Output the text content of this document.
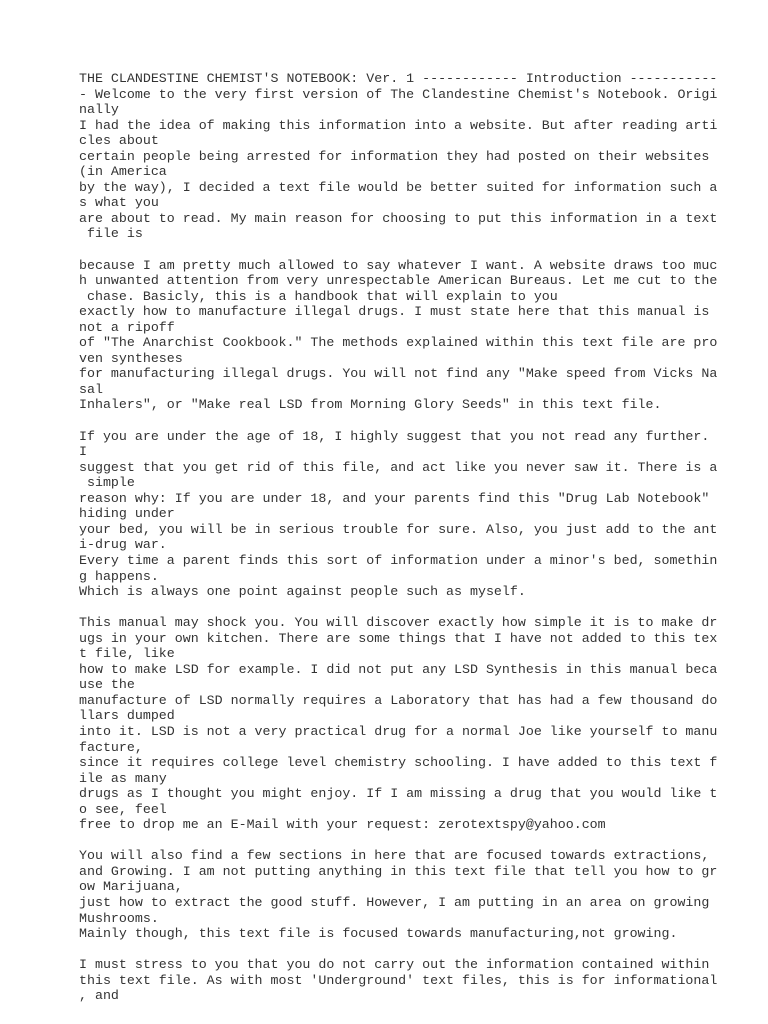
THE CLANDESTINE CHEMIST'S NOTEBOOK: Ver. 1 ------------ Introduction -----------
- Welcome to the very first version of The Clandestine Chemist's Notebook. Origi
nally
I had the idea of making this information into a website. But after reading arti
cles about
certain people being arrested for information they had posted on their websites
(in America
by the way), I decided a text file would be better suited for information such a
s what you
are about to read. My main reason for choosing to put this information in a text
file is
because I am pretty much allowed to say whatever I want. A website draws too muc
h unwanted attention from very unrespectable American Bureaus. Let me cut to the
chase. Basicly, this is a handbook that will explain to you
exactly how to manufacture illegal drugs. I must state here that this manual is
not a ripoff
of "The Anarchist Cookbook." The methods explained within this text file are pro
ven syntheses
for manufacturing illegal drugs. You will not find any "Make speed from Vicks Na
sal
Inhalers", or "Make real LSD from Morning Glory Seeds" in this text file.
If you are under the age of 18, I highly suggest that you not read any further.
I
suggest that you get rid of this file, and act like you never saw it. There is a
simple
reason why: If you are under 18, and your parents find this "Drug Lab Notebook"
hiding under
your bed, you will be in serious trouble for sure. Also, you just add to the ant
i-drug war.
Every time a parent finds this sort of information under a minor's bed, somethin
g happens.
Which is always one point against people such as myself.
This manual may shock you. You will discover exactly how simple it is to make dr
ugs in your own kitchen. There are some things that I have not added to this tex
t file, like
how to make LSD for example. I did not put any LSD Synthesis in this manual beca
use the
manufacture of LSD normally requires a Laboratory that has had a few thousand do
llars dumped
into it. LSD is not a very practical drug for a normal Joe like yourself to manu
facture,
since it requires college level chemistry schooling. I have added to this text f
ile as many
drugs as I thought you might enjoy. If I am missing a drug that you would like t
o see, feel
free to drop me an E-Mail with your request: zerotextspy@yahoo.com
You will also find a few sections in here that are focused towards extractions,
and Growing. I am not putting anything in this text file that tell you how to gr
ow Marijuana,
just how to extract the good stuff. However, I am putting in an area on growing
Mushrooms.
Mainly though, this text file is focused towards manufacturing,not growing.
I must stress to you that you do not carry out the information contained within
this text file. As with most 'Underground' text files, this is for informational
, and
